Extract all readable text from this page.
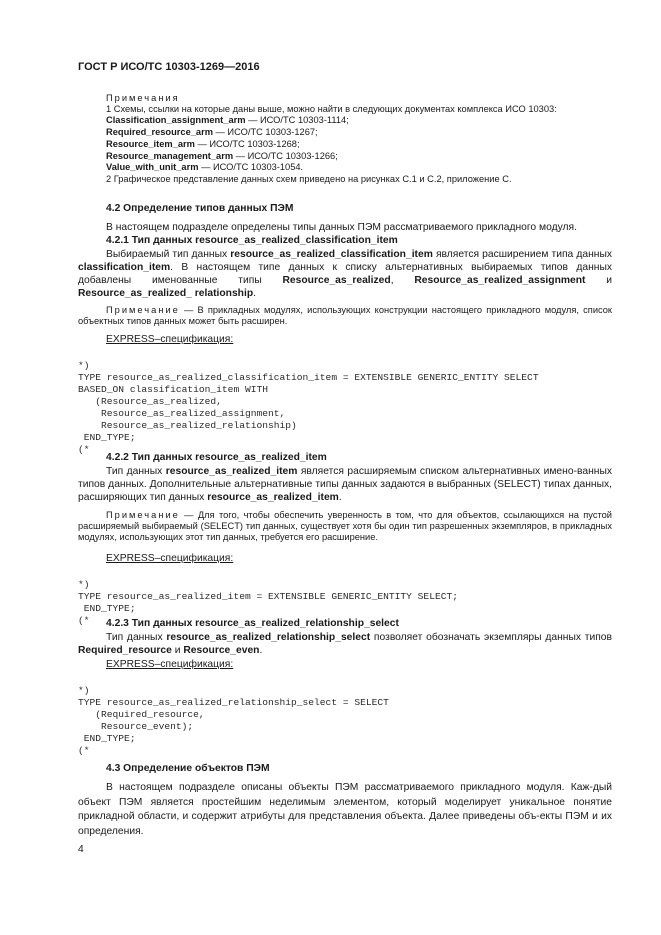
ГОСТ Р ИСО/ТС 10303-1269—2016
Примечания
1 Схемы, ссылки на которые даны выше, можно найти в следующих документах комплекса ИСО 10303:
Classification_assignment_arm — ИСО/ТС 10303-1114;
Required_resource_arm — ИСО/ТС 10303-1267;
Resource_item_arm — ИСО/ТС 10303-1268;
Resource_management_arm — ИСО/ТС 10303-1266;
Value_with_unit_arm — ИСО/ТС 10303-1054.
2 Графическое представление данных схем приведено на рисунках C.1 и C.2, приложение C.
4.2 Определение типов данных ПЭМ
В настоящем подразделе определены типы данных ПЭМ рассматриваемого прикладного модуля.
4.2.1 Тип данных resource_as_realized_classification_item
Выбираемый тип данных resource_as_realized_classification_item является расширением типа данных classification_item. В настоящем типе данных к списку альтернативных выбираемых типов данных добавлены именованные типы Resource_as_realized, Resource_as_realized_assignment и Resource_as_realized_ relationship.
Примечание — В прикладных модулях, использующих конструкции настоящего прикладного модуля, список объектных типов данных может быть расширен.
EXPRESS–спецификация:

*)
TYPE resource_as_realized_classification_item = EXTENSIBLE GENERIC_ENTITY SELECT
BASED_ON classification_item WITH
(Resource_as_realized,
Resource_as_realized_assignment,
Resource_as_realized_relationship)
END_TYPE;
(*

4.2.2 Тип данных resource_as_realized_item
Тип данных resource_as_realized_item является расширяемым списком альтернативных имено-ванных типов данных. Дополнительные альтернативные типы данных задаются в выбранных (SELECT) типах данных, расширяющих тип данных resource_as_realized_item.
Примечание — Для того, чтобы обеспечить уверенность в том, что для объектов, ссылающихся на пустой расширяемый выбираемый (SELECT) тип данных, существует хотя бы один тип разрешенных экземпляров, в прикладных модулях, использующих этот тип данных, требуется его расширение.
EXPRESS–спецификация:

*)
TYPE resource_as_realized_item = EXTENSIBLE GENERIC_ENTITY SELECT;
END_TYPE;
(*	4.2.3 Тип данных resource_as_realized_relationship_select
Тип данных resource_as_realized_relationship_select позволяет обозначать экземпляры данных типов Required_resource и Resource_even.
EXPRESS–спецификация:

*)
TYPE resource_as_realized_relationship_select = SELECT
(Required_resource,
Resource_event);
END_TYPE;
(*

4.3 Определение объектов ПЭМ
В настоящем подразделе описаны объекты ПЭМ рассматриваемого прикладного модуля. Каж-дый объект ПЭМ является простейшим неделимым элементом, который моделирует уникальное понятие прикладной области, и содержит атрибуты для представления объекта. Далее приведены объ-екты ПЭМ и их определения.
4
